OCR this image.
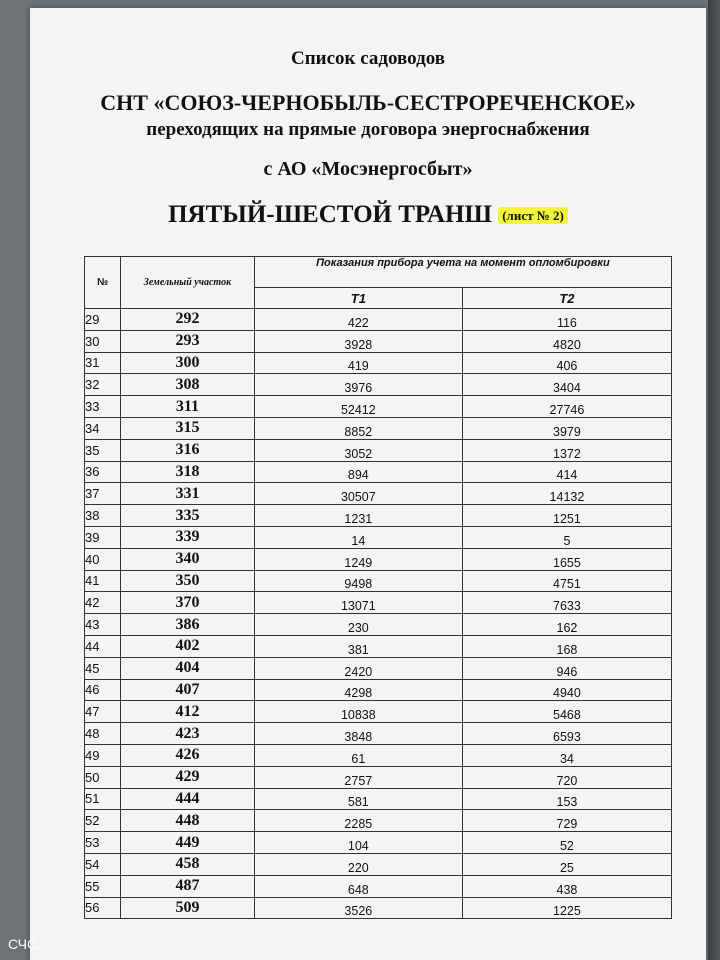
Список садоводов
СНТ «СОЮЗ-ЧЕРНОБЫЛЬ-СЕСТРОРЕЧЕНСКОЕ»
переходящих на прямые договора энергоснабжения
с АО «Мосэнергосбыт»
ПЯТЫЙ-ШЕСТОЙ ТРАНШ (лист № 2)
№	Земельный участок	Показания прибора учета на момент опломбировки	
		Т1	Т2
29	292	422	116
30	293	3928	4820
31	300	419	406
32	308	3976	3404
33	311	52412	27746
34	315	8852	3979
35	316	3052	1372
36	318	894	414
37	331	30507	14132
38	335	1231	1251
39	339	14	5
40	340	1249	1655
41	350	9498	4751
42	370	13071	7633
43	386	230	162
44	402	381	168
45	404	2420	946
46	407	4298	4940
47	412	10838	5468
48	423	3848	6593
49	426	61	34
50	429	2757	720
51	444	581	153
52	448	2285	729
53	449	104	52
54	458	220	25
55	487	648	438
56	509	3526	1225
СЧС
